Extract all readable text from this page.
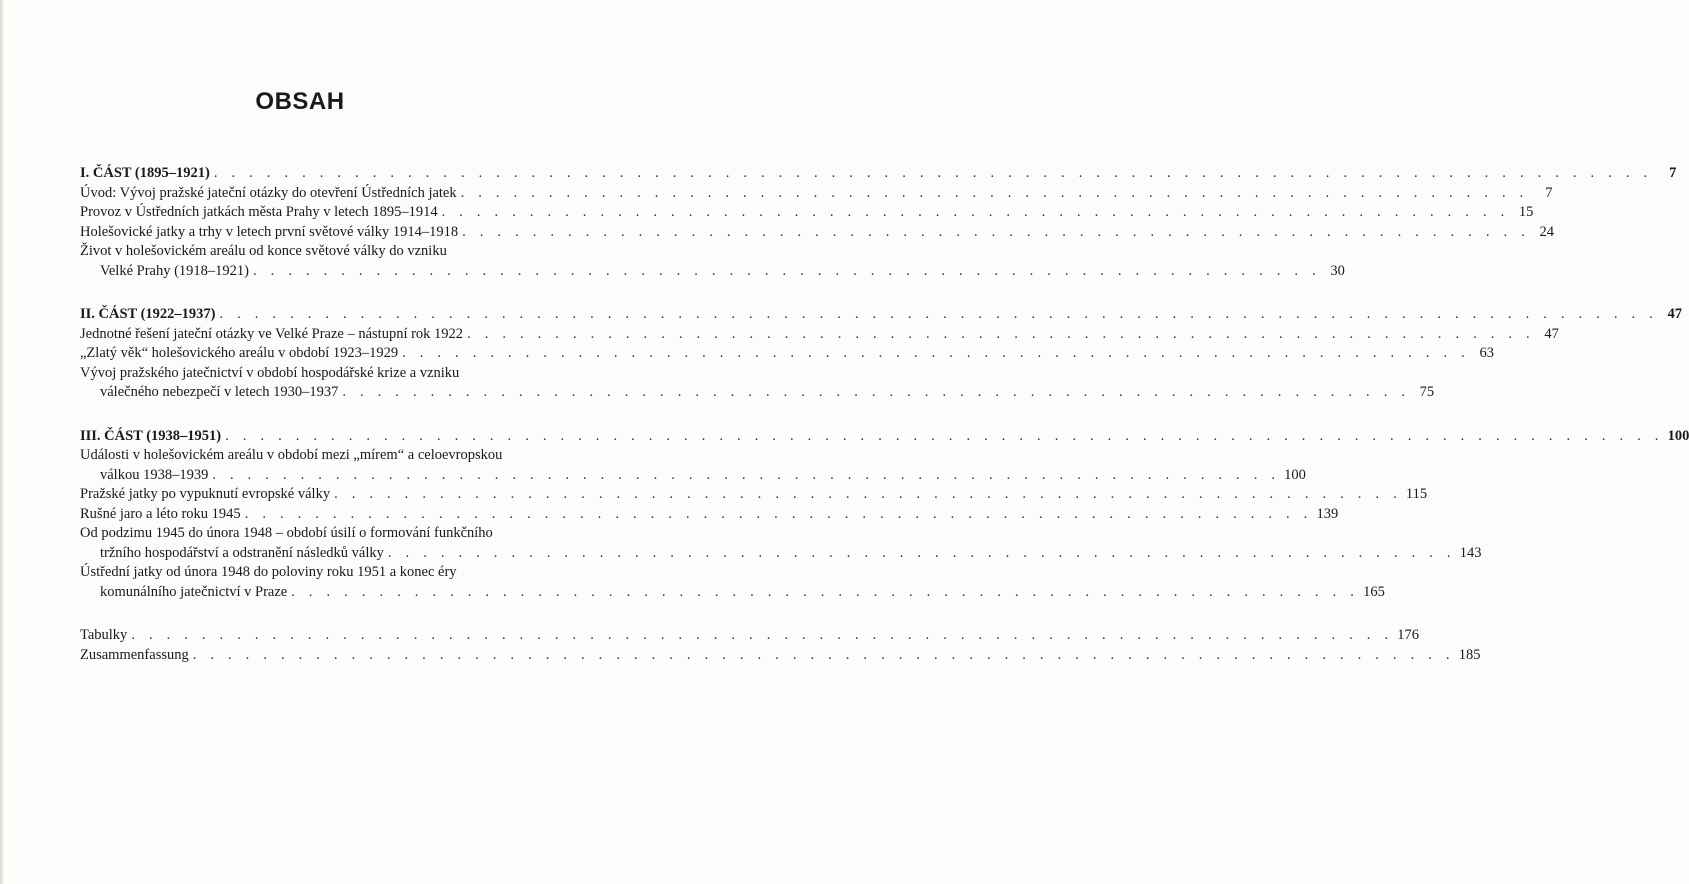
OBSAH
I. ČÁST (1895–1921) . . . . . . . . . . . . . . . . . . . . . . . . . . . . . . . . . . . . . . . . . . . . . . . . . . . . . . . . . . . . . . . . . . . . . . . . . . . . . . . . . .	7
Úvod: Vývoj pražské jateční otázky do otevření Ústředních jatek . . . . . . . . . . . . . . . . . . . . . . . . . . . . . . . . . . . . . . . . . . . . . . . . . . . . . . . . . . . . .	7
Provoz v Ústředních jatkách města Prahy v letech 1895–1914 . . . . . . . . . . . . . . . . . . . . . . . . . . . . . . . . . . . . . . . . . . . . . . . . . . . . . . . . . . . . . 15
Holešovické jatky a trhy v letech první světové války 1914–1918 . . . . . . . . . . . . . . . . . . . . . . . . . . . . . . . . . . . . . . . . . . . . . . . . . . . . . . . . . . . . . 24
Život v holešovickém areálu od konce světové války do vzniku
Velké Prahy (1918–1921) . . . . . . . . . . . . . . . . . . . . . . . . . . . . . . . . . . . . . . . . . . . . . . . . . . . . . . . . . . . . . 30
II. ČÁST (1922–1937) . . . . . . . . . . . . . . . . . . . . . . . . . . . . . . . . . . . . . . . . . . . . . . . . . . . . . . . . . . . . . . . . . . . . . . . . . . . . . . . . . . 47
Jednotné řešení jateční otázky ve Velké Praze – nástupní rok 1922 . . . . . . . . . . . . . . . . . . . . . . . . . . . . . . . . . . . . . . . . . . . . . . . . . . . . . . . . . . . . . 47
„Zlatý věk“ holešovického areálu v období 1923–1929 . . . . . . . . . . . . . . . . . . . . . . . . . . . . . . . . . . . . . . . . . . . . . . . . . . . . . . . . . . . . . 63
Vývoj pražského jatečnictví v období hospodářské krize a vzniku
válečného nebezpečí v letech 1930–1937 . . . . . . . . . . . . . . . . . . . . . . . . . . . . . . . . . . . . . . . . . . . . . . . . . . . . . . . . . . . . . 75
III. ČÁST (1938–1951) . . . . . . . . . . . . . . . . . . . . . . . . . . . . . . . . . . . . . . . . . . . . . . . . . . . . . . . . . . . . . . . . . . . . . . . . . . . . . . . . . . 100
Události v holešovickém areálu v období mezi „mírem“ a celoevropskou
válkou 1938–1939 . . . . . . . . . . . . . . . . . . . . . . . . . . . . . . . . . . . . . . . . . . . . . . . . . . . . . . . . . . . . . 100
Pražské jatky po vypuknutí evropské války . . . . . . . . . . . . . . . . . . . . . . . . . . . . . . . . . . . . . . . . . . . . . . . . . . . . . . . . . . . . . 115
Rušné jaro a léto roku 1945 . . . . . . . . . . . . . . . . . . . . . . . . . . . . . . . . . . . . . . . . . . . . . . . . . . . . . . . . . . . . . 139
Od podzimu 1945 do února 1948 – období úsilí o formování funkčního
tržního hospodářství a odstranění následků války . . . . . . . . . . . . . . . . . . . . . . . . . . . . . . . . . . . . . . . . . . . . . . . . . . . . . . . . . . . . . 143
Ústřední jatky od února 1948 do poloviny roku 1951 a konec éry
komunálního jatečnictví v Praze . . . . . . . . . . . . . . . . . . . . . . . . . . . . . . . . . . . . . . . . . . . . . . . . . . . . . . . . . . . . . 165
Tabulky . . . . . . . . . . . . . . . . . . . . . . . . . . . . . . . . . . . . . . . . . . . . . . . . . . . . . . . . . . . . . . . . . . . . . . . . 176
Zusammenfassung . . . . . . . . . . . . . . . . . . . . . . . . . . . . . . . . . . . . . . . . . . . . . . . . . . . . . . . . . . . . . . . . . . . . . . . . 185
